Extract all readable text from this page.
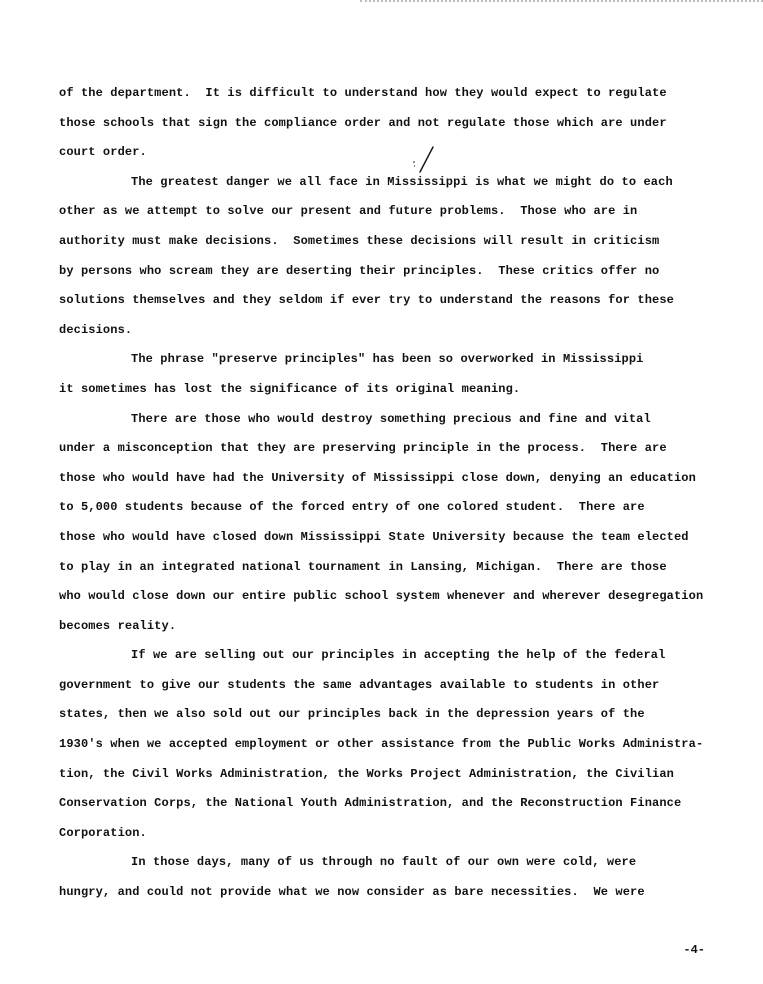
of the department.  It is difficult to understand how they would expect to regulate
those schools that sign the compliance order and not regulate those which are under
court order.
The greatest danger we all face in Mississippi is what we might do to each
other as we attempt to solve our present and future problems.  Those who are in
authority must make decisions.  Sometimes these decisions will result in criticism
by persons who scream they are deserting their principles.  These critics offer no
solutions themselves and they seldom if ever try to understand the reasons for these
decisions.
The phrase "preserve principles" has been so overworked in Mississippi
it sometimes has lost the significance of its original meaning.
There are those who would destroy something precious and fine and vital
under a misconception that they are preserving principle in the process.  There are
those who would have had the University of Mississippi close down, denying an education
to 5,000 students because of the forced entry of one colored student.  There are
those who would have closed down Mississippi State University because the team elected
to play in an integrated national tournament in Lansing, Michigan.  There are those
who would close down our entire public school system whenever and wherever desegregation
becomes reality.
If we are selling out our principles in accepting the help of the federal
government to give our students the same advantages available to students in other
states, then we also sold out our principles back in the depression years of the
1930's when we accepted employment or other assistance from the Public Works Administra-
tion, the Civil Works Administration, the Works Project Administration, the Civilian
Conservation Corps, the National Youth Administration, and the Reconstruction Finance
Corporation.
In those days, many of us through no fault of our own were cold, were
hungry, and could not provide what we now consider as bare necessities.  We were
-4-
